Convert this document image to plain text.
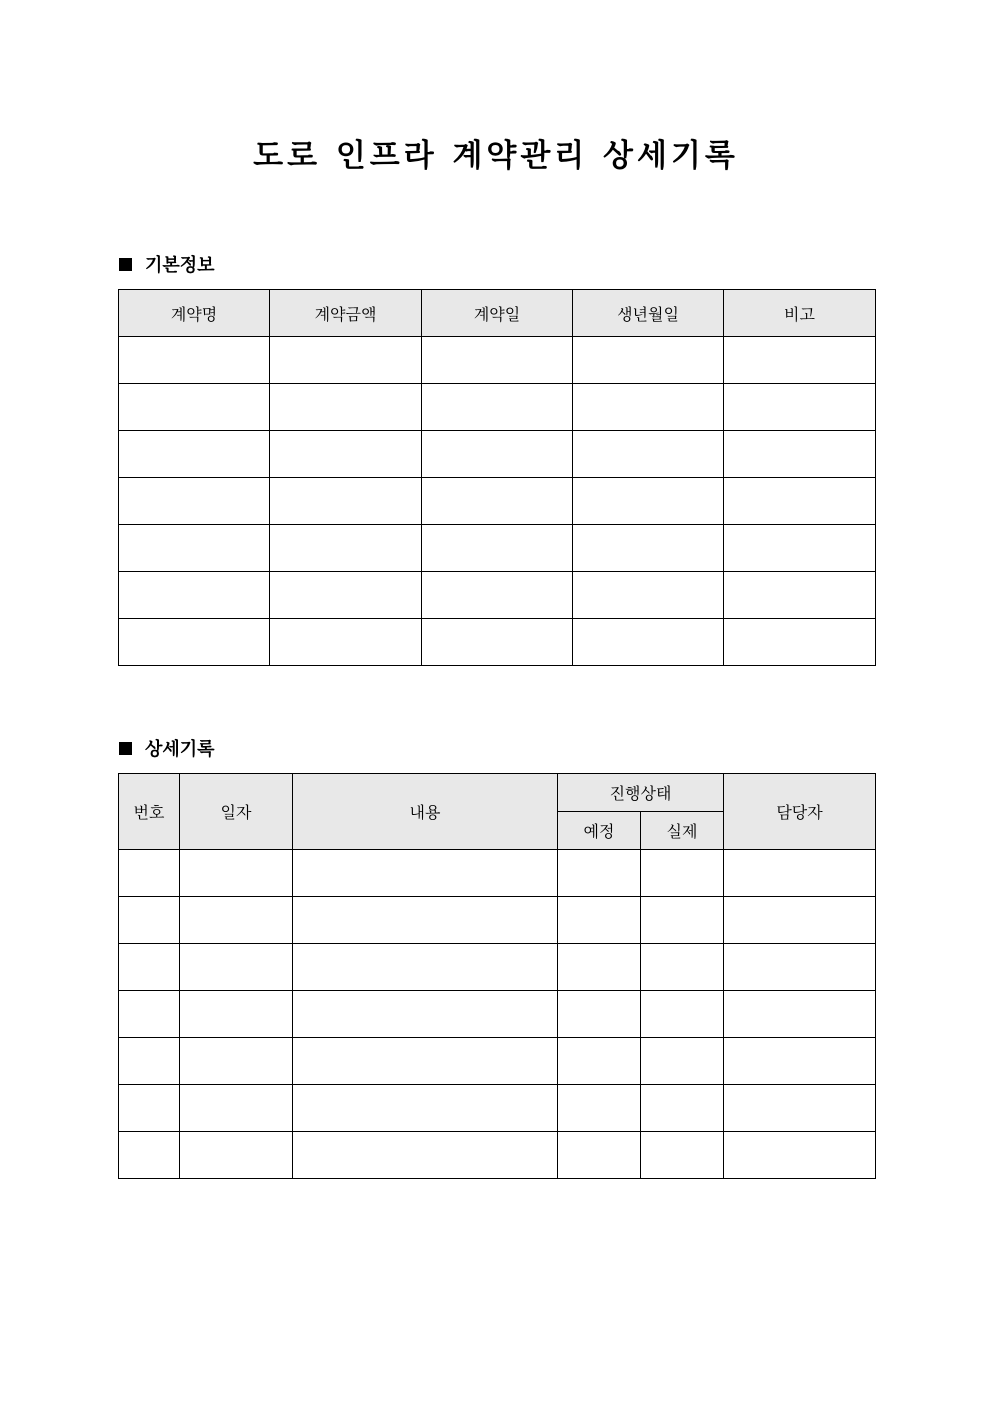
도로 인프라 계약관리 상세기록
기본정보
계약명	계약금액	계약일	생년월일	비고

상세기록
번호	일자	내용	진행상태		담당자
			예정	실제	
